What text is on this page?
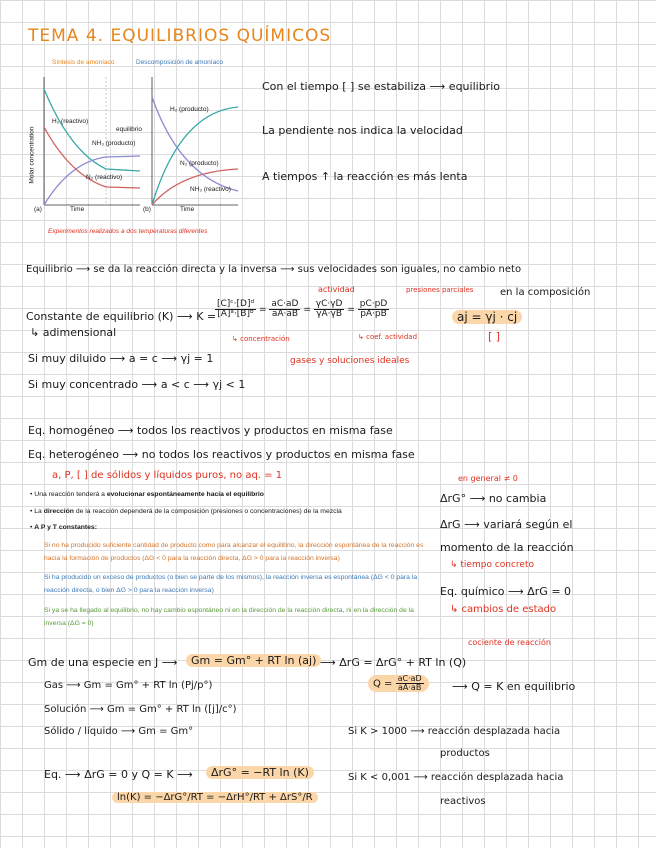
TEMA 4. EQUILIBRIOS QUÍMICOS
Síntesis de amoníaco	Descomposición de amoníaco
H₂ (reactivo)
NH₃ (producto)
N₂ (reactivo)
equilibrio
H₂ (producto)
N₂ (producto)
NH₃ (reactivo)
(a)	Time	(b)	Time
Molar concentration
Experimentos realizados a dos temperaturas diferentes
Con el tiempo [ ] se estabiliza ⟶ equilibrio
La pendiente nos indica la velocidad
A tiempos ↑ la reacción es más lenta
Equilibrio ⟶ se da la reacción directa y la inversa ⟶ sus velocidades son iguales, no cambio neto
en la composición
Constante de equilibrio (K) ⟶ K =
$\frac{\text{[C]ᶜ·[D]ᵈ}}{\text{[A]ᵃ·[B]ᵇ}} = \frac{aC\cdot aD}{aA\cdot aB} = \frac{\gamma C\cdot\gamma D}{\gamma A\cdot\gamma B} = \frac{pC\cdot pD}{pA\cdot pB}$
actividad	presiones parciales
↳ concentración	↳ coef. actividad
aj = γj · cj
[ ]
↳ adimensional
Si muy diluido ⟶ a = c ⟶ γj = 1
Si muy concentrado ⟶ a < c ⟶ γj < 1
gases y soluciones ideales
Eq. homogéneo ⟶ todos los reactivos y productos en misma fase
Eq. heterogéneo ⟶ no todos los reactivos y productos en misma fase
a, P, [ ] de sólidos y líquidos puros, no aq. = 1
• Una reacción tenderá a evolucionar espontáneamente hacia el equilibrio
• La dirección de la reacción dependerá de la composición (presiones o concentraciones) de la mezcla
• A P y T constantes:
Si no ha producido suficiente cantidad de producto como para alcanzar el equilibrio, la dirección espontánea de la reacción es hacia la formación de productos (ΔG < 0 para la reacción directa, ΔG > 0 para la reacción inversa)
Si ha producido un exceso de productos (o bien se parte de los mismos), la reacción inversa es espontánea (ΔG < 0 para la reacción directa, o bien ΔG > 0 para la reacción inversa)
Si ya se ha llegado al equilibrio, no hay cambio espontáneo ni en la dirección de la reacción directa, ni en la dirección de la inversa (ΔG = 0)
en general ≠ 0
ΔrG° ⟶ no cambia
ΔrG ⟶ variará según el
momento de la reacción
↳ tiempo concreto
Eq. químico ⟶ ΔrG = 0
↳ cambios de estado
Gm de una especie en J ⟶	Gm = Gm° + RT ln (aj) ⟶ ΔrG = ΔrG° + RT ln (Q)
cociente de reacción
Gas ⟶ Gm = Gm° + RT ln (Pj/p°)
Solución ⟶ Gm = Gm° + RT ln ([j]/c°)
Sólido / líquido ⟶ Gm = Gm°
$Q = \frac{aC\cdot aD}{aA\cdot aB}$	⟶ Q = K en equilibrio
Eq. ⟶ ΔrG = 0 y Q = K ⟶	ΔrG° = −RT ln (K)
ln(K) = −ΔrG°/RT = −ΔrH°/RT + ΔrS°/R
Si K > 1000 ⟶ reacción desplazada hacia
productos
Si K < 0,001 ⟶ reacción desplazada hacia
reactivos
